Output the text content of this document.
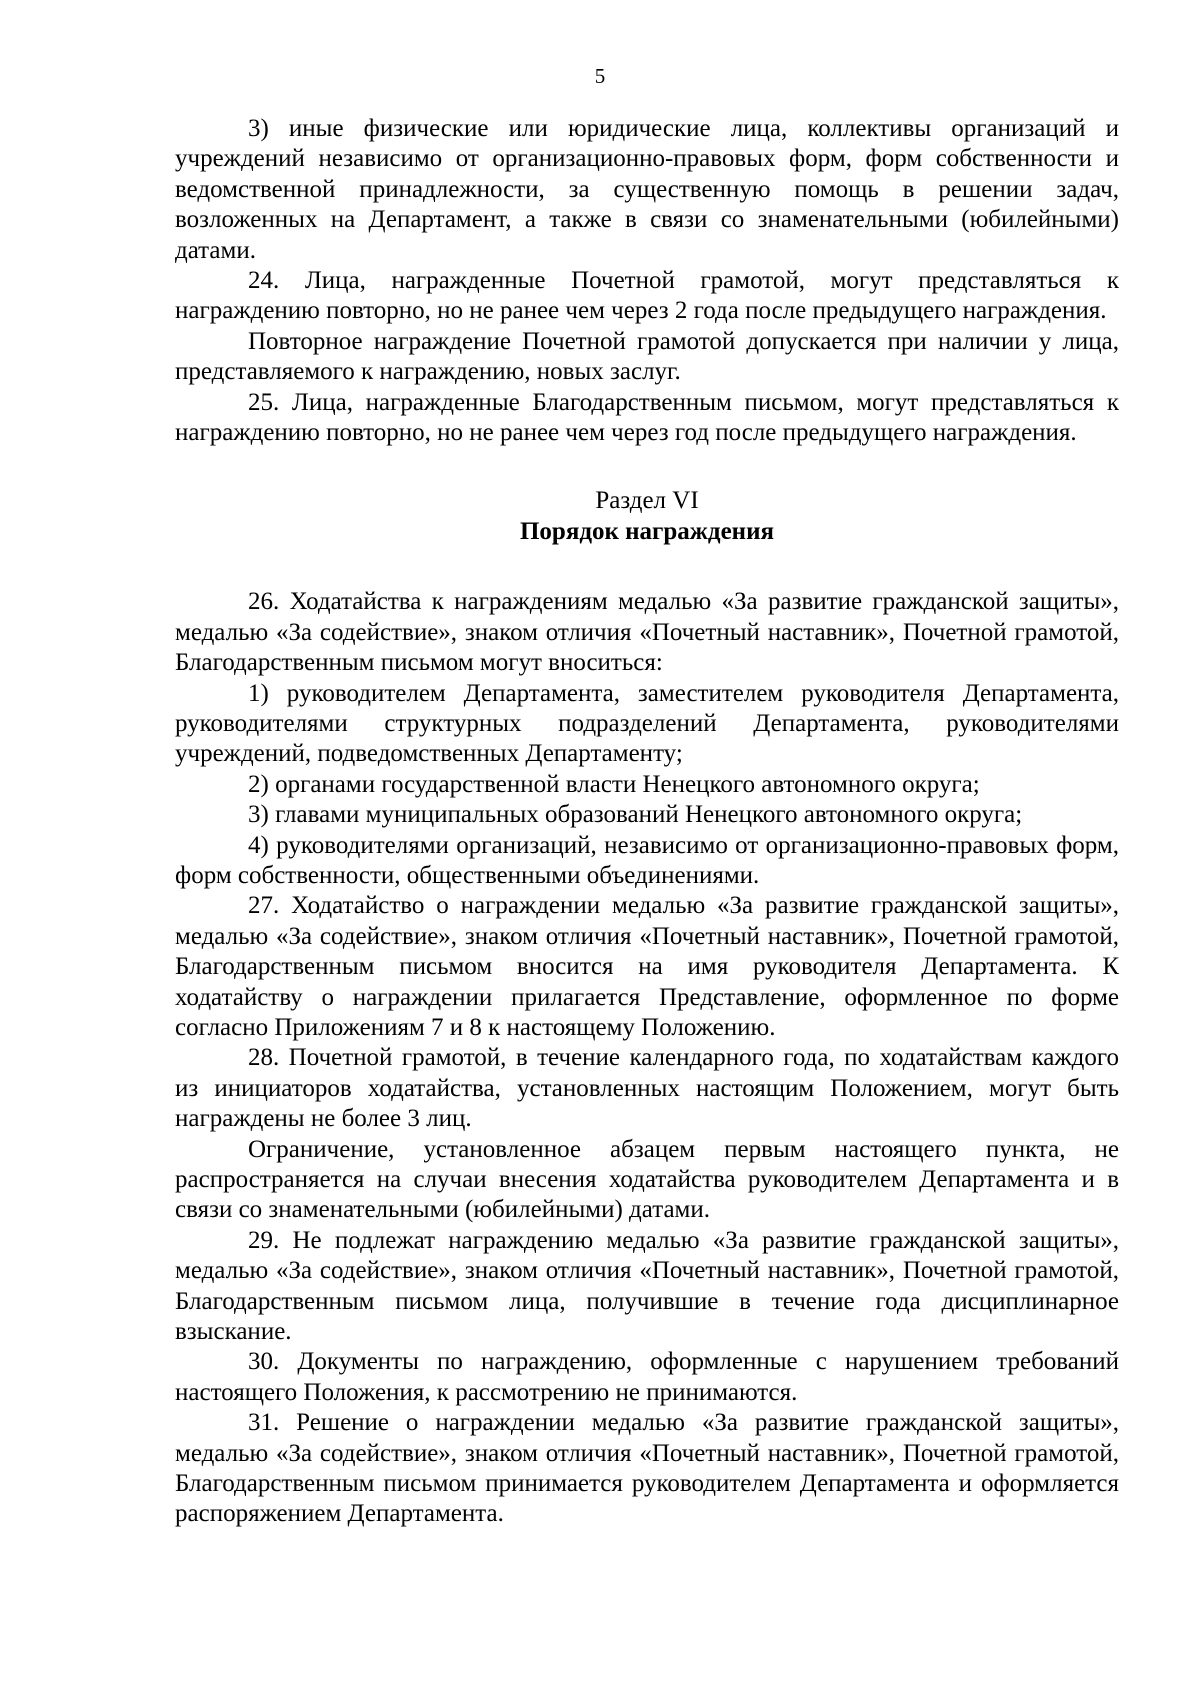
5

3) иные физические или юридические лица, коллективы организаций и учреждений независимо от организационно-правовых форм, форм собственности и ведомственной принадлежности, за существенную помощь в решении задач, возложенных на Департамент, а также в связи со знаменательными (юбилейными) датами.

24. Лица, награжденные Почетной грамотой, могут представляться к награждению повторно, но не ранее чем через 2 года после предыдущего награждения.

Повторное награждение Почетной грамотой допускается при наличии у лица, представляемого к награждению, новых заслуг.

25. Лица, награжденные Благодарственным письмом, могут представляться к награждению повторно, но не ранее чем через год после предыдущего награждения.

Раздел VI

Порядок награждения

26. Ходатайства к награждениям медалью «За развитие гражданской защиты», медалью «За содействие», знаком отличия «Почетный наставник», Почетной грамотой, Благодарственным письмом могут вноситься:

1) руководителем Департамента, заместителем руководителя Департамента, руководителями структурных подразделений Департамента, руководителями учреждений, подведомственных Департаменту;

2) органами государственной власти Ненецкого автономного округа;

3) главами муниципальных образований Ненецкого автономного округа;

4) руководителями организаций, независимо от организационно-правовых форм, форм собственности, общественными объединениями.

27. Ходатайство о награждении медалью «За развитие гражданской защиты», медалью «За содействие», знаком отличия «Почетный наставник», Почетной грамотой, Благодарственным письмом вносится на имя руководителя Департамента. К ходатайству о награждении прилагается Представление, оформленное по форме согласно Приложениям 7 и 8 к настоящему Положению.

28. Почетной грамотой, в течение календарного года, по ходатайствам каждого из инициаторов ходатайства, установленных настоящим Положением, могут быть награждены не более 3 лиц.

Ограничение, установленное абзацем первым настоящего пункта, не распространяется на случаи внесения ходатайства руководителем Департамента и в связи со знаменательными (юбилейными) датами.

29. Не подлежат награждению медалью «За развитие гражданской защиты», медалью «За содействие», знаком отличия «Почетный наставник», Почетной грамотой, Благодарственным письмом лица, получившие в течение года дисциплинарное взыскание.

30. Документы по награждению, оформленные с нарушением требований настоящего Положения, к рассмотрению не принимаются.

31. Решение о награждении медалью «За развитие гражданской защиты», медалью «За содействие», знаком отличия «Почетный наставник», Почетной грамотой, Благодарственным письмом принимается руководителем Департамента и оформляется распоряжением Департамента.
